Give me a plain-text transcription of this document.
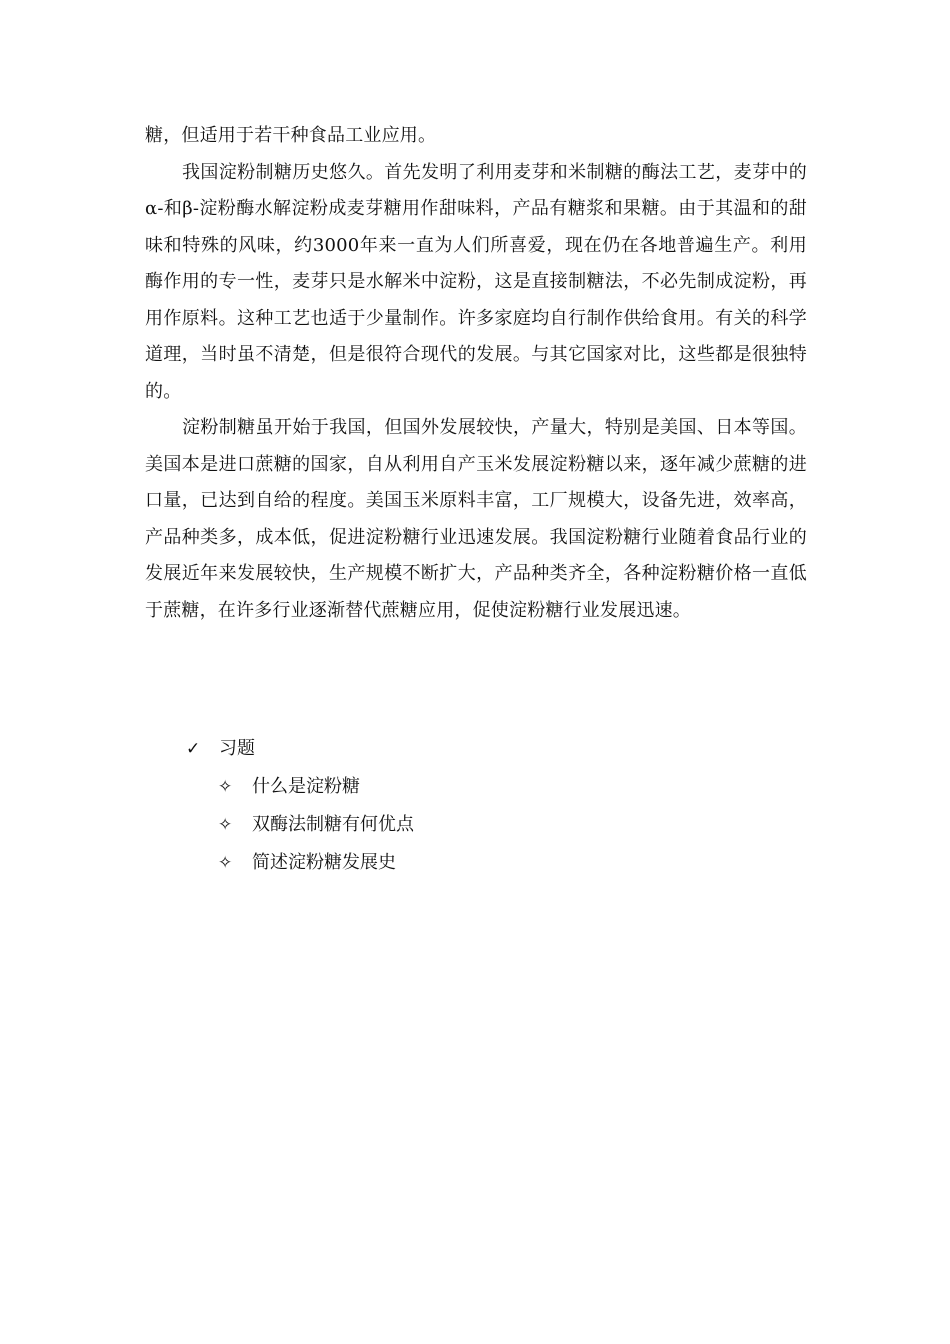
糖，但适用于若干种食品工业应用。

我国淀粉制糖历史悠久。首先发明了利用麦芽和米制糖的酶法工艺，麦芽中的α-和β-淀粉酶水解淀粉成麦芽糖用作甜味料，产品有糖浆和果糖。由于其温和的甜味和特殊的风味，约3000年来一直为人们所喜爱，现在仍在各地普遍生产。利用酶作用的专一性，麦芽只是水解米中淀粉，这是直接制糖法，不必先制成淀粉，再用作原料。这种工艺也适于少量制作。许多家庭均自行制作供给食用。有关的科学道理，当时虽不清楚，但是很符合现代的发展。与其它国家对比，这些都是很独特的。

淀粉制糖虽开始于我国，但国外发展较快，产量大，特别是美国、日本等国。美国本是进口蔗糖的国家，自从利用自产玉米发展淀粉糖以来，逐年减少蔗糖的进口量，已达到自给的程度。美国玉米原料丰富，工厂规模大，设备先进，效率高，产品种类多，成本低，促进淀粉糖行业迅速发展。我国淀粉糖行业随着食品行业的发展近年来发展较快，生产规模不断扩大，产品种类齐全，各种淀粉糖价格一直低于蔗糖，在许多行业逐渐替代蔗糖应用，促使淀粉糖行业发展迅速。

✓ 习题
✧ 什么是淀粉糖
✧ 双酶法制糖有何优点
✧ 简述淀粉糖发展史
